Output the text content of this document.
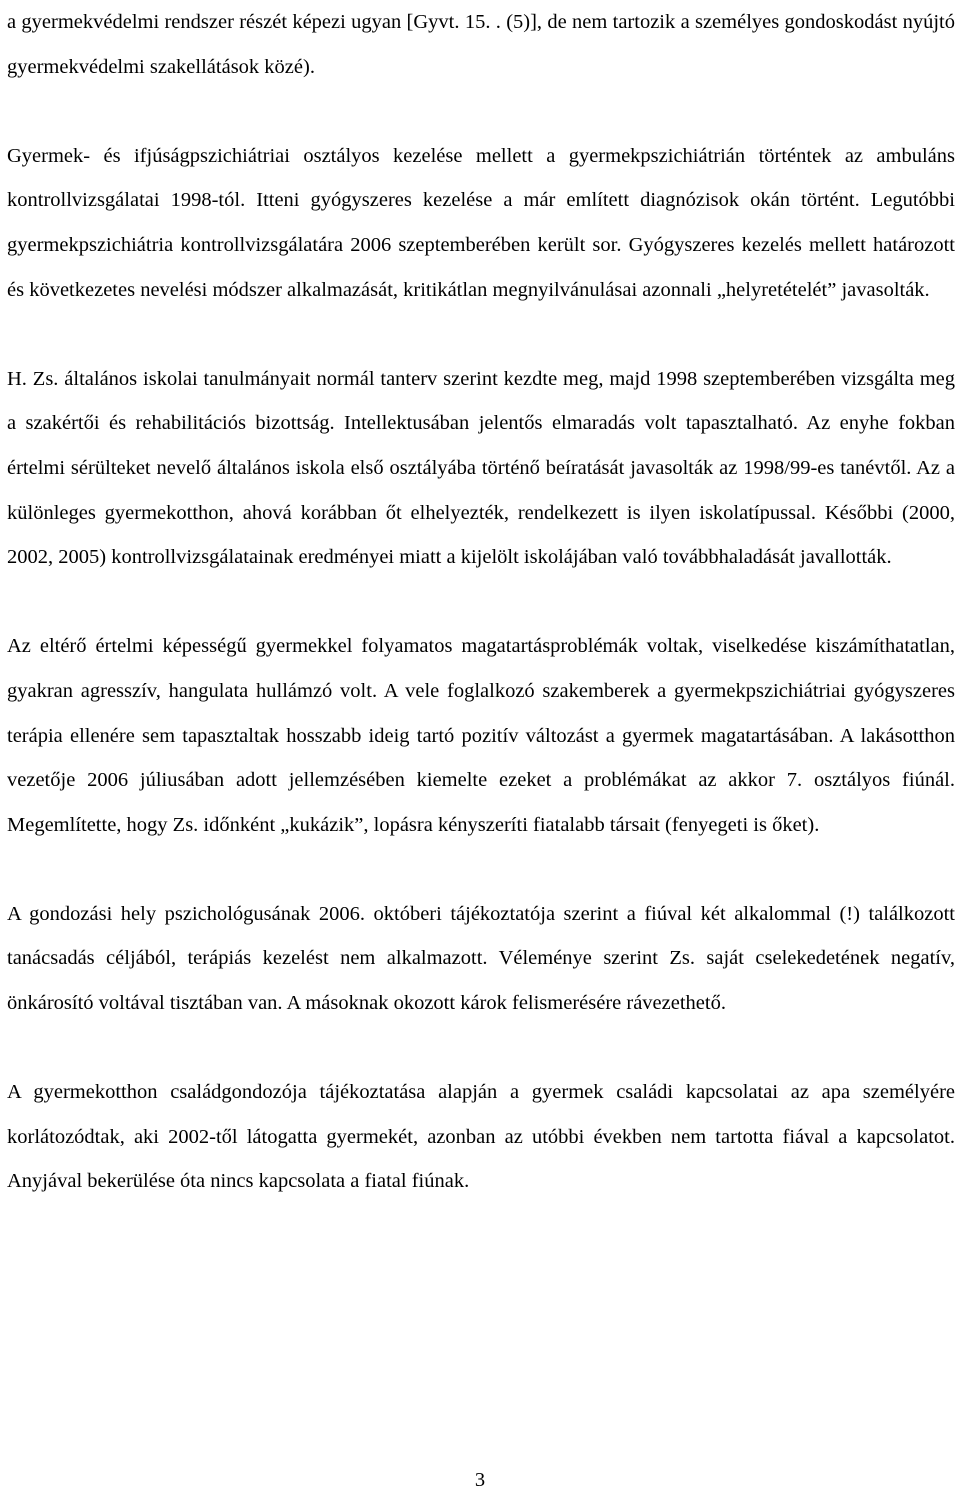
a gyermekvédelmi rendszer részét képezi ugyan [Gyvt. 15. . (5)], de nem tartozik a személyes gondoskodást nyújtó gyermekvédelmi szakellátások közé).

Gyermek- és ifjúságpszichiátriai osztályos kezelése mellett a gyermekpszichiátrián történtek az ambuláns kontrollvizsgálatai 1998-tól. Itteni gyógyszeres kezelése a már említett diagnózisok okán történt. Legutóbbi gyermekpszichiátria kontrollvizsgálatára 2006 szeptemberében került sor. Gyógyszeres kezelés mellett határozott és következetes nevelési módszer alkalmazását, kritikátlan megnyilvánulásai azonnali „helyretételét” javasolták.

H. Zs. általános iskolai tanulmányait normál tanterv szerint kezdte meg, majd 1998 szeptemberében vizsgálta meg a szakértői és rehabilitációs bizottság. Intellektusában jelentős elmaradás volt tapasztalható. Az enyhe fokban értelmi sérülteket nevelő általános iskola első osztályába történő beíratását javasolták az 1998/99-es tanévtől. Az a különleges gyermekotthon, ahová korábban őt elhelyezték, rendelkezett is ilyen iskolatípussal. Későbbi (2000, 2002, 2005) kontrollvizsgálatainak eredményei miatt a kijelölt iskolájában való továbbhaladását javallották.

Az eltérő értelmi képességű gyermekkel folyamatos magatartásproblémák voltak, viselkedése kiszámíthatatlan, gyakran agresszív, hangulata hullámzó volt. A vele foglalkozó szakemberek a gyermekpszichiátriai gyógyszeres terápia ellenére sem tapasztaltak hosszabb ideig tartó pozitív változást a gyermek magatartásában. A lakásotthon vezetője 2006 júliusában adott jellemzésében kiemelte ezeket a problémákat az akkor 7. osztályos fiúnál. Megemlítette, hogy Zs. időnként „kukázik”, lopásra kényszeríti fiatalabb társait (fenyegeti is őket).

A gondozási hely pszichológusának 2006. októberi tájékoztatója szerint a fiúval két alkalommal (!) találkozott tanácsadás céljából, terápiás kezelést nem alkalmazott. Véleménye szerint Zs. saját cselekedetének negatív, önkárosító voltával tisztában van. A másoknak okozott károk felismerésére rávezethető.

A gyermekotthon családgondozója tájékoztatása alapján a gyermek családi kapcsolatai az apa személyére korlátozódtak, aki 2002-től látogatta gyermekét, azonban az utóbbi években nem tartotta fiával a kapcsolatot. Anyjával bekerülése óta nincs kapcsolata a fiatal fiúnak.

3
